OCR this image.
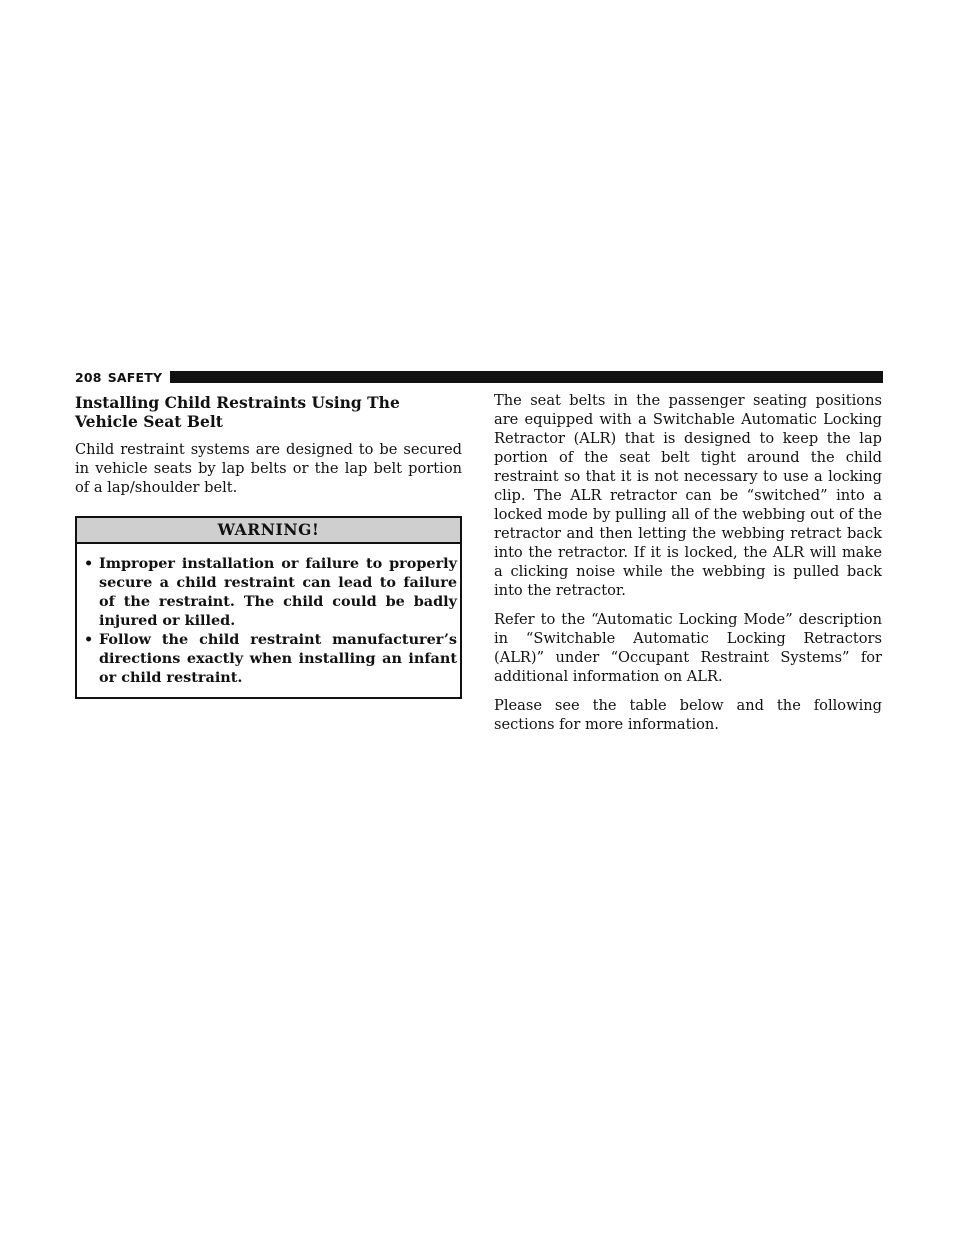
208 SAFETY
Installing Child Restraints Using The Vehicle Seat Belt

Child restraint systems are designed to be secured in vehicle seats by lap belts or the lap belt portion of a lap/shoulder belt.

WARNING!
• Improper installation or failure to properly secure a child restraint can lead to failure of the restraint. The child could be badly injured or killed.
• Follow the child restraint manufacturer’s directions exactly when installing an infant or child restraint.

The seat belts in the passenger seating positions are equipped with a Switchable Automatic Locking Retractor (ALR) that is designed to keep the lap portion of the seat belt tight around the child restraint so that it is not necessary to use a locking clip. The ALR retractor can be “switched” into a locked mode by pulling all of the webbing out of the retractor and then letting the webbing retract back into the retractor. If it is locked, the ALR will make a clicking noise while the webbing is pulled back into the retractor.

Refer to the “Automatic Locking Mode” description in “Switchable Automatic Locking Retractors (ALR)” under “Occupant Restraint Systems” for additional information on ALR.

Please see the table below and the following sections for more information.
